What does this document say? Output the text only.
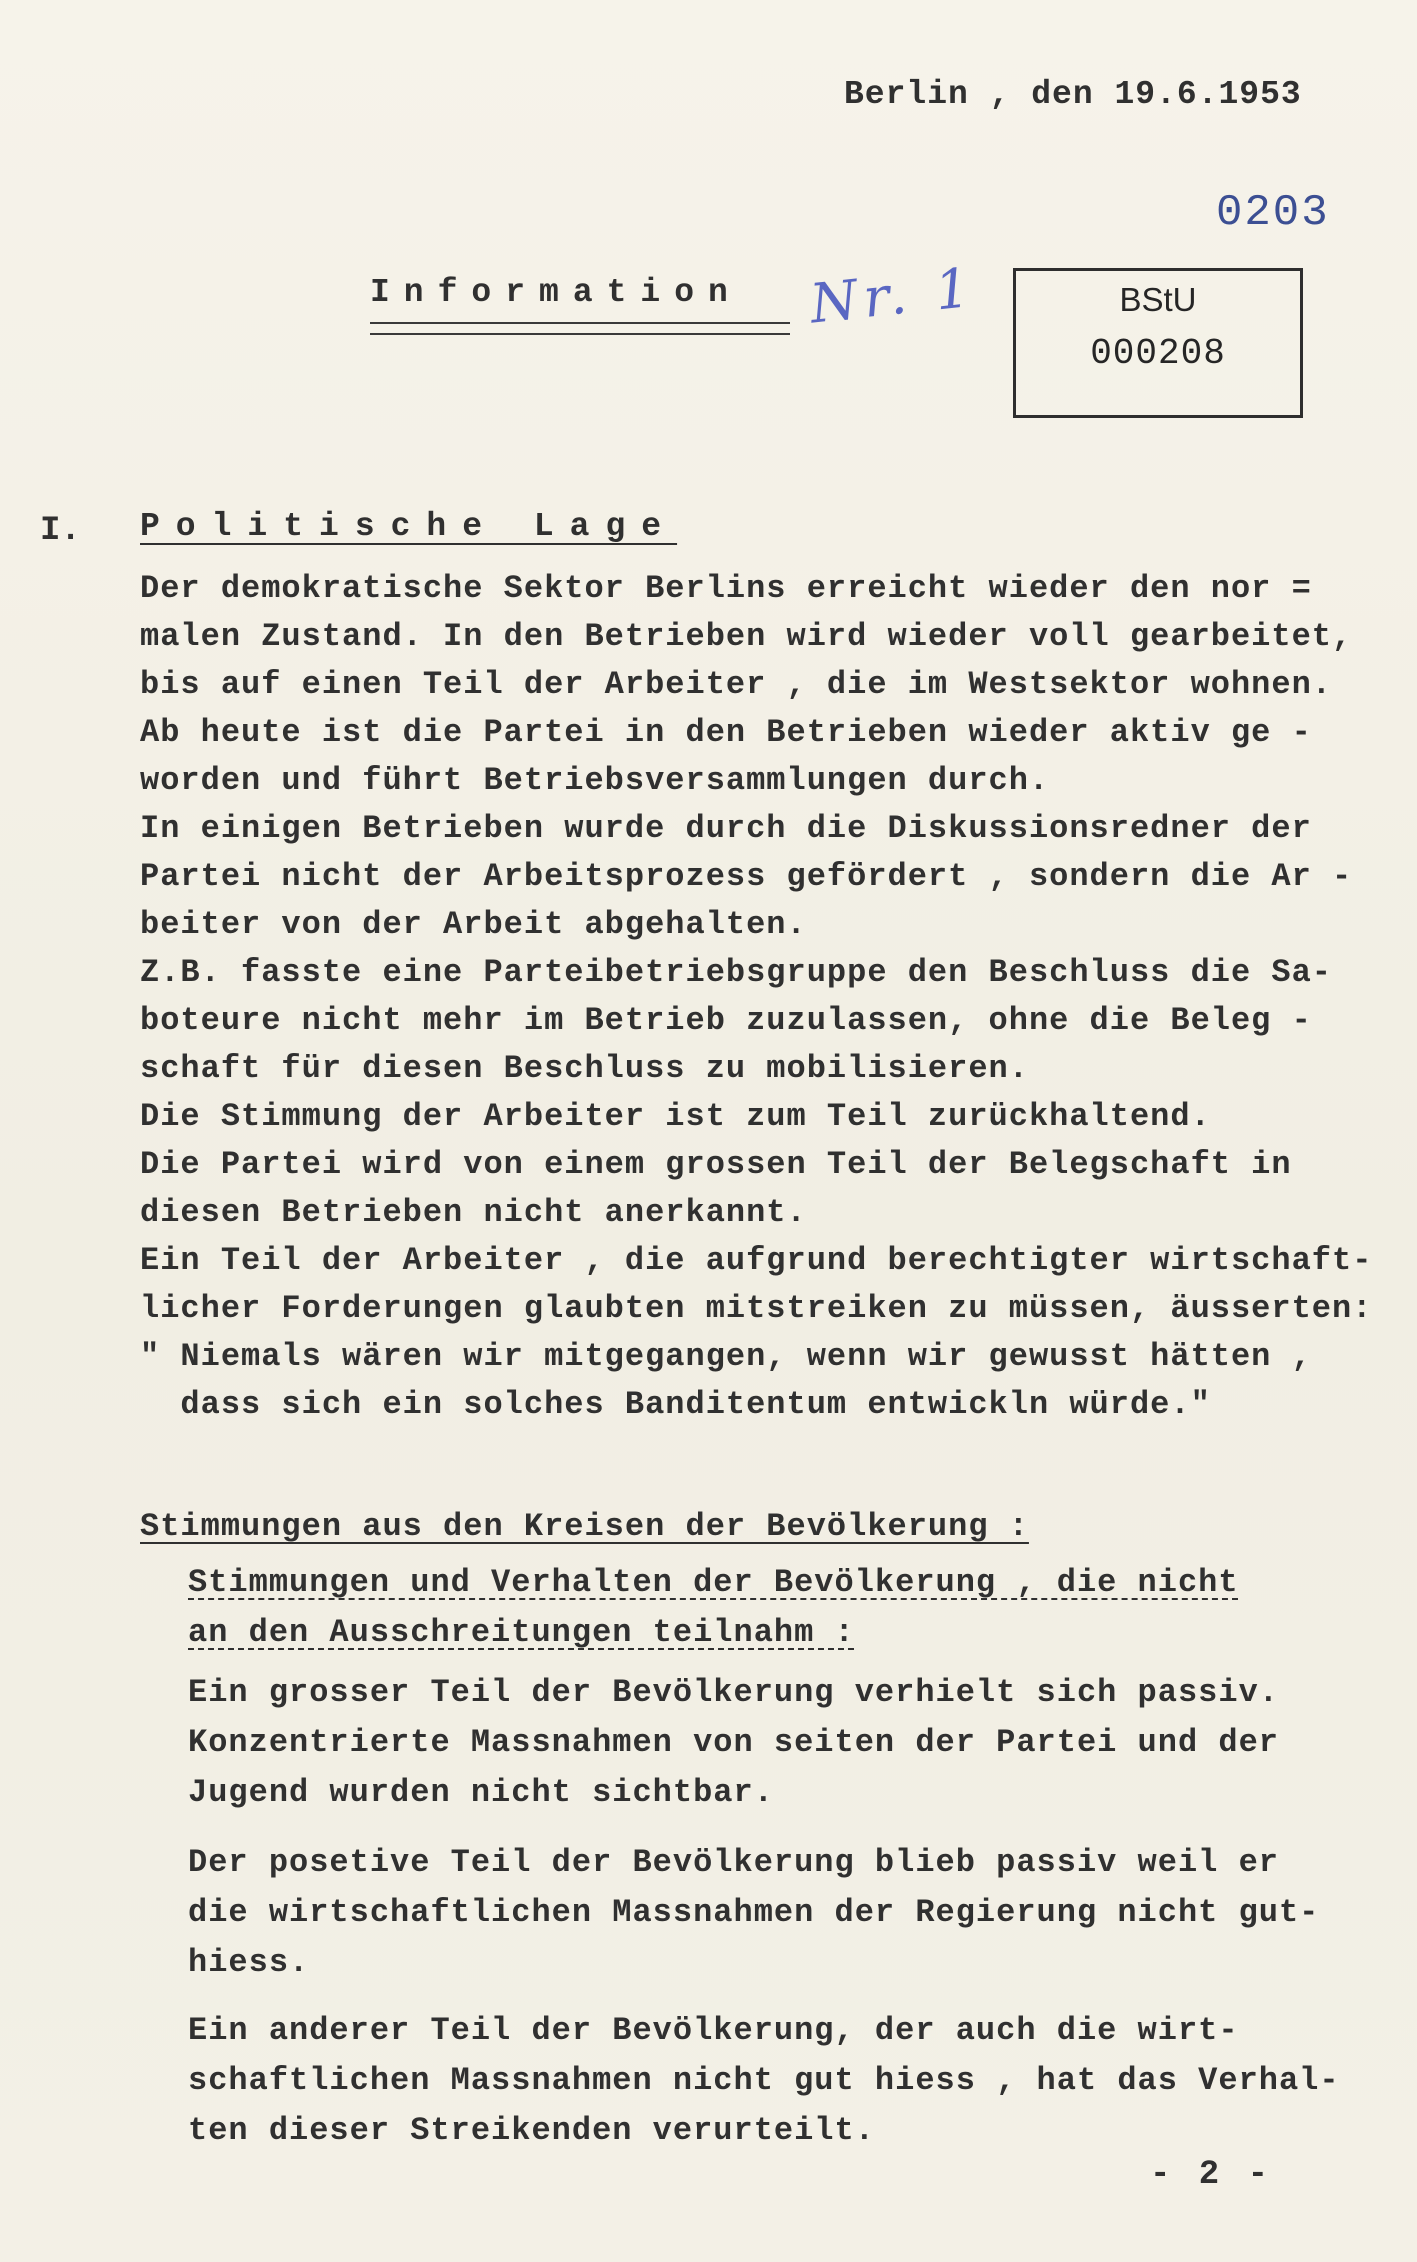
Berlin , den 19.6.1953
0203
Information Nr. 1	BStU
000208
I. Politische Lage
Der demokratische Sektor Berlins erreicht wieder den nor =
malen Zustand. In den Betrieben wird wieder voll gearbeitet,
bis auf einen Teil der Arbeiter , die im Westsektor wohnen.
Ab heute ist die Partei in den Betrieben wieder aktiv ge -
worden und führt Betriebsversammlungen durch.
In einigen Betrieben wurde durch die Diskussionsredner der
Partei nicht der Arbeitsprozess gefördert , sondern die Ar -
beiter von der Arbeit abgehalten.
Z.B. fasste eine Parteibetriebsgruppe den Beschluss die Sa-
boteure nicht mehr im Betrieb zuzulassen, ohne die Beleg -
schaft für diesen Beschluss zu mobilisieren.
Die Stimmung der Arbeiter ist zum Teil zurückhaltend.
Die Partei wird von einem grossen Teil der Belegschaft in
diesen Betrieben nicht anerkannt.
Ein Teil der Arbeiter , die aufgrund berechtigter wirtschaft-
licher Forderungen glaubten mitstreiken zu müssen, äusserten:
" Niemals wären wir mitgegangen, wenn wir gewusst hätten ,
dass sich ein solches Banditentum entwickln würde."
Stimmungen aus den Kreisen der Bevölkerung :
Stimmungen und Verhalten der Bevölkerung , die nicht
an den Ausschreitungen teilnahm :
Ein grosser Teil der Bevölkerung verhielt sich passiv.
Konzentrierte Massnahmen von seiten der Partei und der
Jugend wurden nicht sichtbar.
Der posetive Teil der Bevölkerung blieb passiv weil er
die wirtschaftlichen Massnahmen der Regierung nicht gut-
hiess.
Ein anderer Teil der Bevölkerung, der auch die wirt-
schaftlichen Massnahmen nicht gut hiess , hat das Verhal-
ten dieser Streikenden verurteilt.
- 2 -
